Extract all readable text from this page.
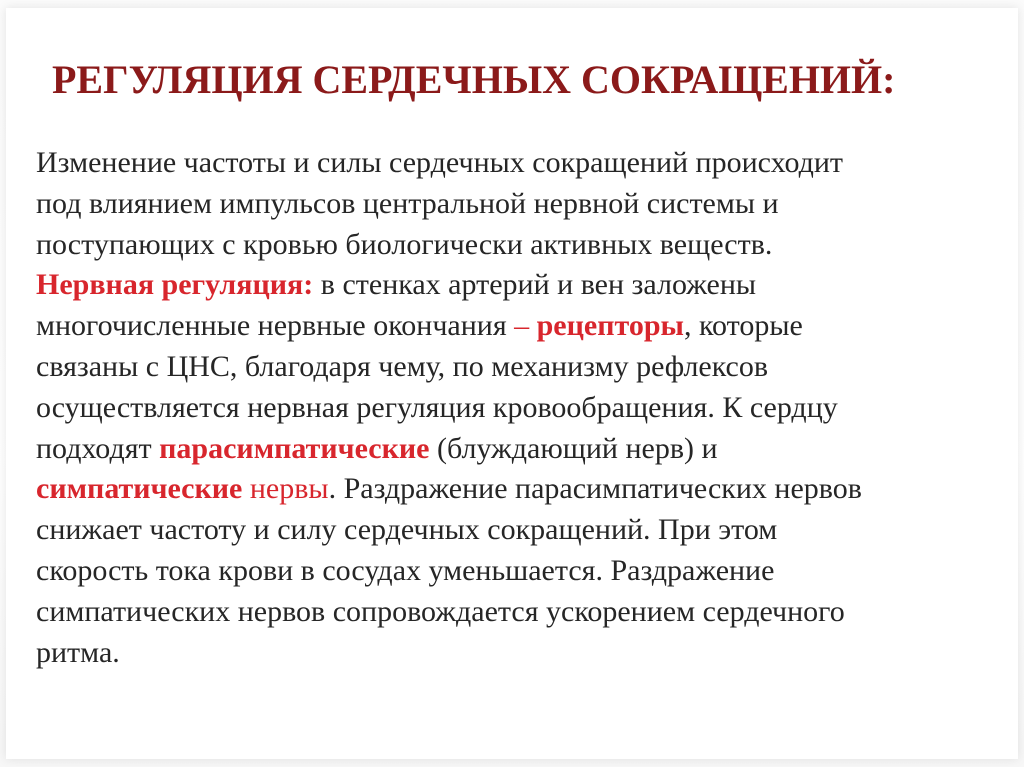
РЕГУЛЯЦИЯ СЕРДЕЧНЫХ СОКРАЩЕНИЙ:
Изменение частоты и силы сердечных сокращений происходит
под влиянием импульсов центральной нервной системы и
поступающих с кровью биологически активных веществ.
Нервная регуляция: в стенках артерий и вен заложены
многочисленные нервные окончания – рецепторы, которые
связаны с ЦНС, благодаря чему, по механизму рефлексов
осуществляется нервная регуляция кровообращения. К сердцу
подходят парасимпатические (блуждающий нерв) и
симпатические нервы. Раздражение парасимпатических нервов
снижает частоту и силу сердечных сокращений. При этом
скорость тока крови в сосудах уменьшается. Раздражение
симпатических нервов сопровождается ускорением сердечного
ритма.
